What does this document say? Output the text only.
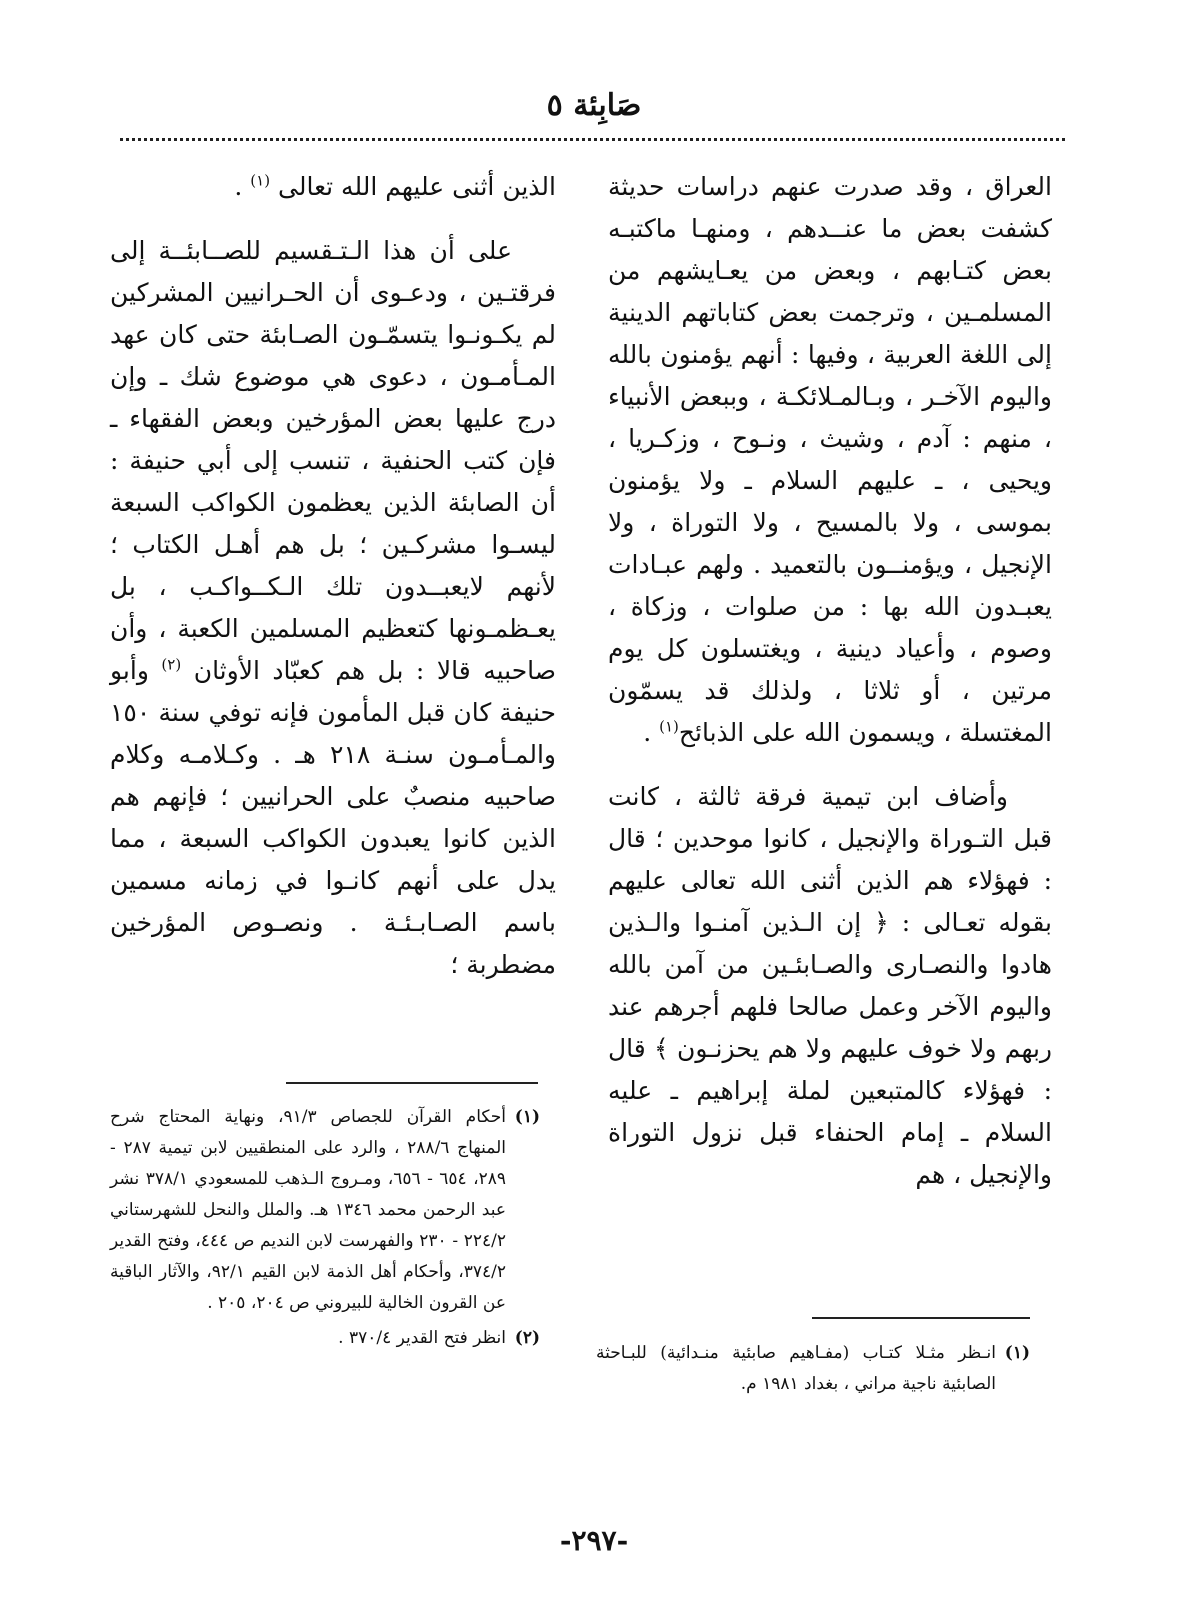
صَابِئة ٥

العراق ، وقد صدرت عنهم دراسات حديثة كشفت بعض ما عنــدهم ، ومنهـا ماكتبـه بعض كتـابهم ، وبعض من يعـايشهم من المسلمـين ، وترجمت بعض كتاباتهم الدينية إلى اللغة العربية ، وفيها : أنهم يؤمنون بالله واليوم الآخـر ، وبـالمـلائكـة ، وببعض الأنبياء ، منهم : آدم ، وشيث ، ونـوح ، وزكـريا ، ويحيى ، ـ عليهم السلام ـ ولا يؤمنون بموسى ، ولا بالمسيح ، ولا التوراة ، ولا الإنجيل ، ويؤمنــون بالتعميد . ولهم عبـادات يعبـدون الله بها : من صلوات ، وزكاة ، وصوم ، وأعياد دينية ، ويغتسلون كل يوم مرتين ، أو ثلاثا ، ولذلك قد يسمّون المغتسلة ، ويسمون الله على الذبائح$^{(١)}$ .

وأضاف ابن تيمية فرقة ثالثة ، كانت قبل التـوراة والإنجيل ، كانوا موحدين ؛ قال : فهؤلاء هم الذين أثنى الله تعالى عليهم بقوله تعـالى : ﴿ إن الـذين آمنـوا والـذين هادوا والنصـارى والصـابئـين من آمن بالله واليوم الآخر وعمل صالحا فلهم أجرهم عند ربهم ولا خوف عليهم ولا هم يحزنـون ﴾ قال : فهؤلاء كالمتبعين لملة إبراهيم ـ عليه السلام ـ إمام الحنفاء قبل نزول التوراة والإنجيل ، هم

الذين أثنى عليهم الله تعالى $^{(١)}$ .

على أن هذا الـتـقسيم للصــابئــة إلى فرقتـين ، ودعـوى أن الحـرانيين المشركين لم يكـونـوا يتسمّـون الصـابئة حتى كان عهد المـأمـون ، دعوى هي موضوع شك ـ وإن درج عليها بعض المؤرخين وبعض الفقهاء ـ فإن كتب الحنفية ، تنسب إلى أبي حنيفة : أن الصابئة الذين يعظمون الكواكب السبعة ليسـوا مشركـين ؛ بل هم أهـل الكتاب ؛ لأنهم لايعبــدون تلك الـكــواكـب ، بل يعـظمـونها كتعظيم المسلمين الكعبة ، وأن صاحبيه قالا : بل هم كعبّاد الأوثان $^{(٢)}$ وأبو حنيفة كان قبل المأمون فإنه توفي سنة ١٥٠ والمـأمـون سنـة ٢١٨ هـ . وكـلامـه وكلام صاحبيه منصبٌ على الحرانيين ؛ فإنهم هم الذين كانوا يعبدون الكواكب السبعة ، مما يدل على أنهم كانـوا في زمانه مسمين باسم الصـابـئـة . ونصـوص المؤرخين مضطربة ؛

(١)
أحكام القرآن للجصاص ٩١/٣، ونهاية المحتاج شرح المنهاج ٢٨٨/٦ ، والرد على المنطقيين لابن تيمية ٢٨٧ - ٢٨٩، ٦٥٤ - ٦٥٦، ومـروج الـذهب للمسعودي ٣٧٨/١ نشر عبد الرحمن محمد ١٣٤٦ هـ. والملل والنحل للشهرستاني ٢٢٤/٢ - ٢٣٠ والفهرست لابن النديم ص ٤٤٤، وفتح القدير ٣٧٤/٢، وأحكام أهل الذمة لابن القيم ٩٢/١، والآثار الباقية عن القرون الخالية للبيروني ص ٢٠٤، ٢٠٥ .
(٢)
انظر فتح القدير ٣٧٠/٤ .
(١)
انـظر مثـلا كتـاب (مفـاهيم صابئية منـدائية) للبـاحثة الصابئية ناجية مراني ، بغداد ١٩٨١ م.
-٢٩٧-
